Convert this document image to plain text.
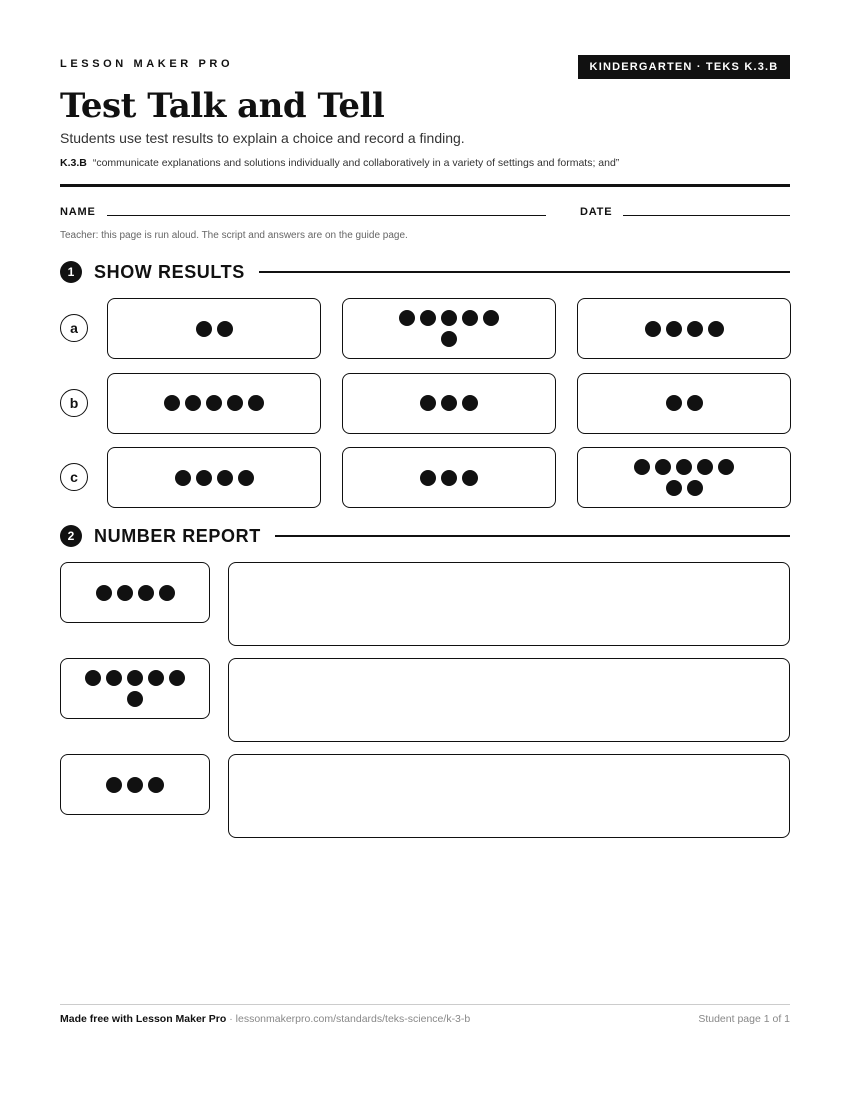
LESSON MAKER PRO	KINDERGARTEN · TEKS K.3.B
Test Talk and Tell
Students use test results to explain a choice and record a finding.
K.3.B “communicate explanations and solutions individually and collaboratively in a variety of settings and formats; and”
NAME	DATE
Teacher: this page is run aloud. The script and answers are on the guide page.
1	SHOW RESULTS
a
b
c
2	NUMBER REPORT
Made free with Lesson Maker Pro · lessonmakerpro.com/standards/teks-science/k-3-b	Student page 1 of 1
